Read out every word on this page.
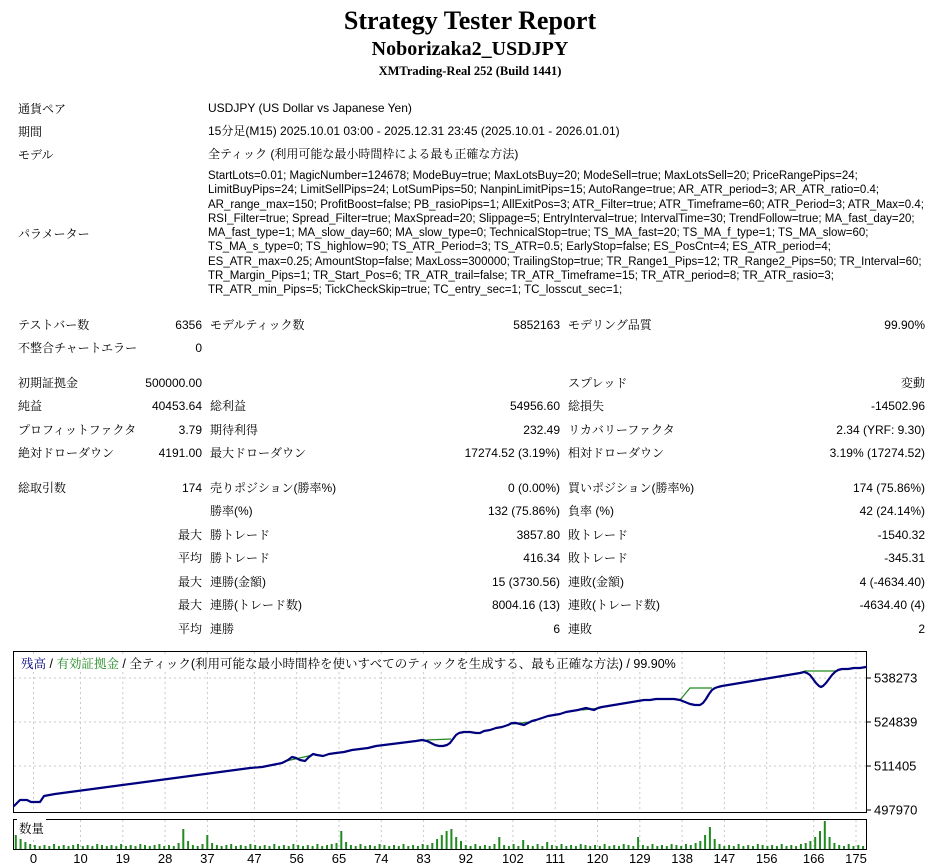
Strategy Tester Report
Noborizaka2_USDJPY
XMTrading-Real 252 (Build 1441)
通貨ペア	USDJPY (US Dollar vs Japanese Yen)
期間	15分足(M15) 2025.10.01 03:00 - 2025.12.31 23:45 (2025.10.01 - 2026.01.01)
モデル	全ティック (利用可能な最小時間枠による最も正確な方法)
パラメーター
StartLots=0.01; MagicNumber=124678; ModeBuy=true; MaxLotsBuy=20; ModeSell=true; MaxLotsSell=20; PriceRangePips=24; LimitBuyPips=24; LimitSellPips=24; LotSumPips=50; NanpinLimitPips=15; AutoRange=true; AR_ATR_period=3; AR_ATR_ratio=0.4; AR_range_max=150; ProfitBoost=false; PB_rasioPips=1; AllExitPos=3; ATR_Filter=true; ATR_Timeframe=60; ATR_Period=3; ATR_Max=0.4; RSI_Filter=true; Spread_Filter=true; MaxSpread=20; Slippage=5; EntryInterval=true; IntervalTime=30; TrendFollow=true; MA_fast_day=20; MA_fast_type=1; MA_slow_day=60; MA_slow_type=0; TechnicalStop=true; TS_MA_fast=20; TS_MA_f_type=1; TS_MA_slow=60; TS_MA_s_type=0; TS_highlow=90; TS_ATR_Period=3; TS_ATR=0.5; EarlyStop=false; ES_PosCnt=4; ES_ATR_period=4; ES_ATR_max=0.25; AmountStop=false; MaxLoss=300000; TrailingStop=true; TR_Range1_Pips=12; TR_Range2_Pips=50; TR_Interval=60; TR_Margin_Pips=1; TR_Start_Pos=6; TR_ATR_trail=false; TR_ATR_Timeframe=15; TR_ATR_period=8; TR_ATR_rasio=3; TR_ATR_min_Pips=5; TickCheckSkip=true; TC_entry_sec=1; TC_losscut_sec=1;
テストバー数	6356 モデルティック数	5852163 モデリング品質	99.90%
不整合チャートエラー	0
初期証拠金	500000.00	スプレッド	変動
純益	40453.64 総利益	54956.60 総損失	-14502.96
プロフィットファクタ	3.79 期待利得	232.49 リカバリーファクタ	2.34 (YRF: 9.30)
絶対ドローダウン	4191.00 最大ドローダウン	17274.52 (3.19%) 相対ドローダウン	3.19% (17274.52)
総取引数	174 売りポジション(勝率%)	0 (0.00%) 買いポジション(勝率%)	174 (75.86%)
勝率(%)	132 (75.86%) 負率 (%)	42 (24.14%)
最大 勝トレード	3857.80 敗トレード	-1540.32
平均 勝トレード	416.34 敗トレード	-345.31
最大 連勝(金額)	15 (3730.56) 連敗(金額)	4 (-4634.40)
最大 連勝(トレード数)	8004.16 (13) 連敗(トレード数)	-4634.40 (4)
平均 連勝	6 連敗	2
538273
524839
511405
497970
0	10 19 28 37	47 56 65 74 83 92 102 111 120 129 138 147 156 166 175
残高 / 有効証拠金 / 全ティック(利用可能な最小時間枠を使いすべてのティックを生成する、最も正確な方法) / 99.90%
数量
